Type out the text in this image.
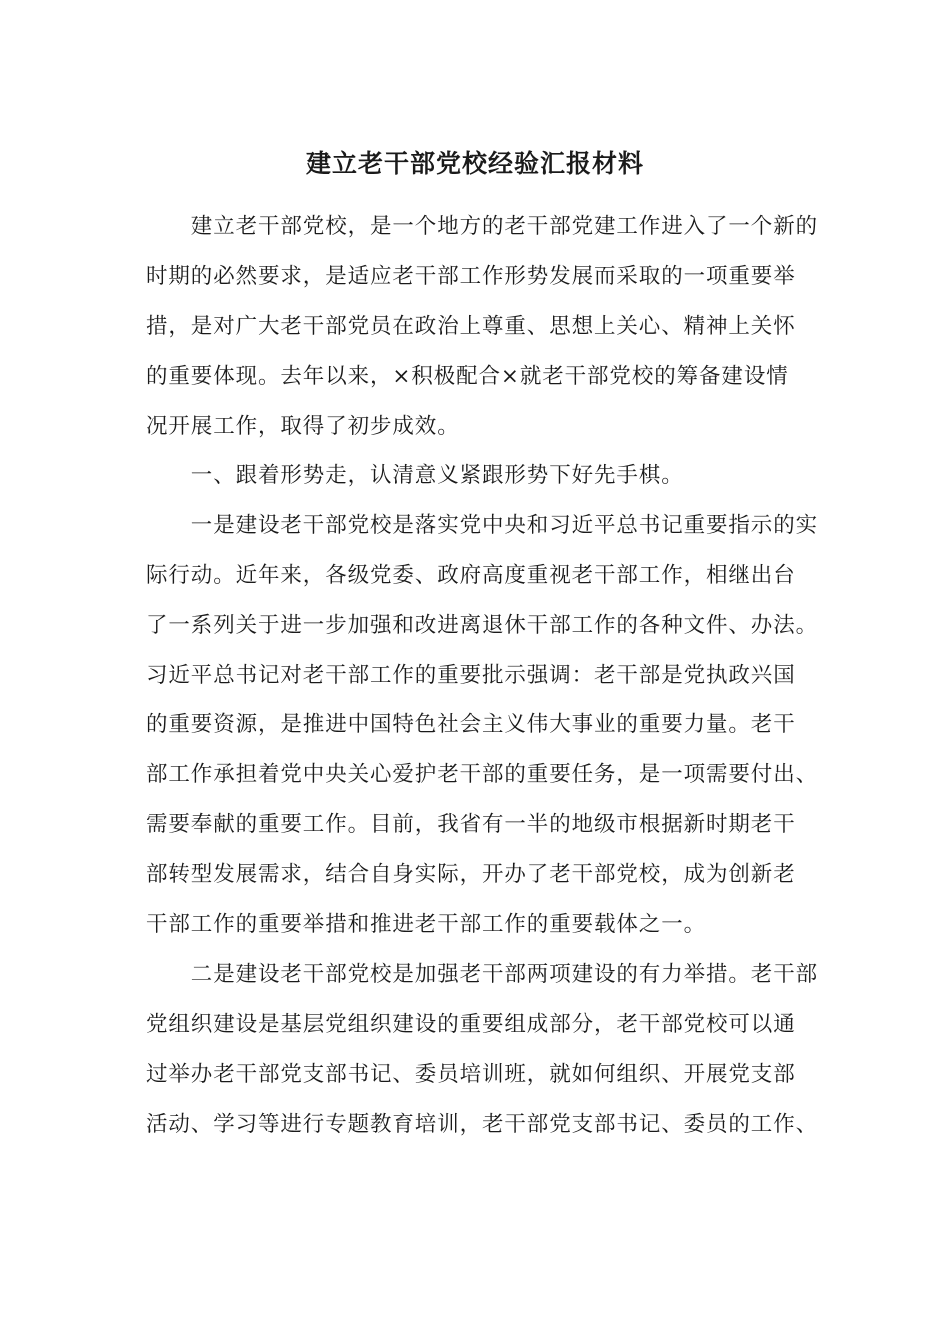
建立老干部党校经验汇报材料
　　建立老干部党校，是一个地方的老干部党建工作进入了一个新的
时期的必然要求，是适应老干部工作形势发展而采取的一项重要举
措，是对广大老干部党员在政治上尊重、思想上关心、精神上关怀
的重要体现。去年以来，×积极配合×就老干部党校的筹备建设情
况开展工作，取得了初步成效。
　　一、跟着形势走，认清意义紧跟形势下好先手棋。
　　一是建设老干部党校是落实党中央和习近平总书记重要指示的实
际行动。近年来，各级党委、政府高度重视老干部工作，相继出台
了一系列关于进一步加强和改进离退休干部工作的各种文件、办法。
习近平总书记对老干部工作的重要批示强调：老干部是党执政兴国
的重要资源，是推进中国特色社会主义伟大事业的重要力量。老干
部工作承担着党中央关心爱护老干部的重要任务，是一项需要付出、
需要奉献的重要工作。目前，我省有一半的地级市根据新时期老干
部转型发展需求，结合自身实际，开办了老干部党校，成为创新老
干部工作的重要举措和推进老干部工作的重要载体之一。
　　二是建设老干部党校是加强老干部两项建设的有力举措。老干部
党组织建设是基层党组织建设的重要组成部分，老干部党校可以通
过举办老干部党支部书记、委员培训班，就如何组织、开展党支部
活动、学习等进行专题教育培训，老干部党支部书记、委员的工作、
